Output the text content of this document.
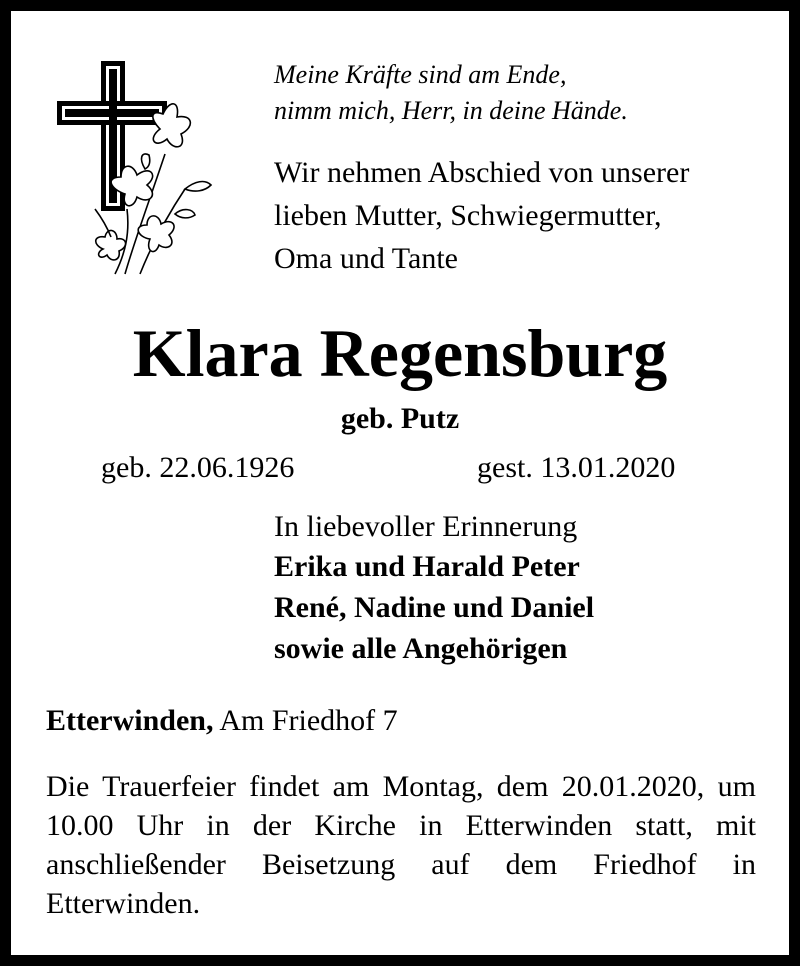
Meine Kräfte sind am Ende,
nimm mich, Herr, in deine Hände.
Wir nehmen Abschied von unserer
lieben Mutter, Schwiegermutter,
Oma und Tante
Klara Regensburg
geb. Putz
geb. 22.06.1926	gest. 13.01.2020
In liebevoller Erinnerung
Erika und Harald Peter
René, Nadine und Daniel
sowie alle Angehörigen
Etterwinden, Am Friedhof 7
Die Trauerfeier findet am Montag, dem 20.01.2020, um 10.00 Uhr in der Kirche in Etterwinden statt, mit anschließender Beisetzung auf dem Friedhof in Etterwinden.
